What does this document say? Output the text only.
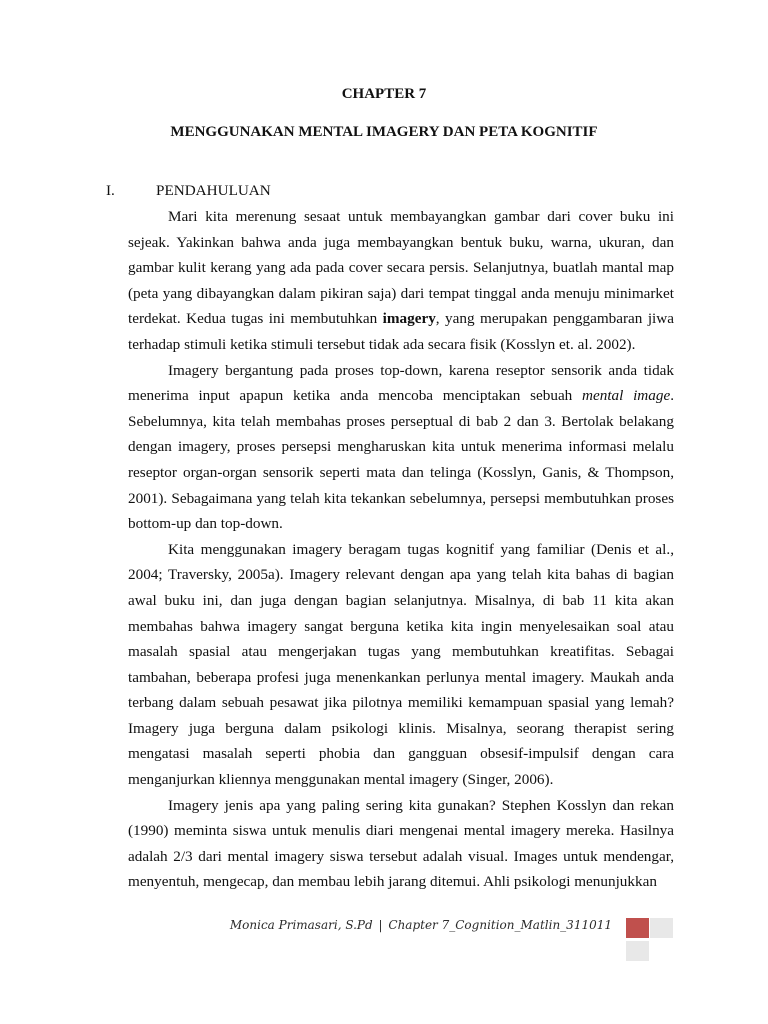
CHAPTER 7
MENGGUNAKAN MENTAL IMAGERY DAN PETA KOGNITIF
I.	PENDAHULUAN

Mari kita merenung sesaat untuk membayangkan gambar dari cover buku ini sejeak. Yakinkan bahwa anda juga membayangkan bentuk buku, warna, ukuran, dan gambar kulit kerang yang ada pada cover secara persis. Selanjutnya, buatlah mantal map (peta yang dibayangkan dalam pikiran saja) dari tempat tinggal anda menuju minimarket terdekat. Kedua tugas ini membutuhkan imagery, yang merupakan penggambaran jiwa terhadap stimuli ketika stimuli tersebut tidak ada secara fisik (Kosslyn et. al. 2002).

Imagery bergantung pada proses top-down, karena reseptor sensorik anda tidak menerima input apapun ketika anda mencoba menciptakan sebuah mental image. Sebelumnya, kita telah membahas proses perseptual di bab 2 dan 3. Bertolak belakang dengan imagery, proses persepsi mengharuskan kita untuk menerima informasi melalu reseptor organ-organ sensorik seperti mata dan telinga (Kosslyn, Ganis, & Thompson, 2001). Sebagaimana yang telah kita tekankan sebelumnya, persepsi membutuhkan proses bottom-up dan top-down.

Kita menggunakan imagery beragam tugas kognitif yang familiar (Denis et al., 2004; Traversky, 2005a). Imagery relevant dengan apa yang telah kita bahas di bagian awal buku ini, dan juga dengan bagian selanjutnya. Misalnya, di bab 11 kita akan membahas bahwa imagery sangat berguna ketika kita ingin menyelesaikan soal atau masalah spasial atau mengerjakan tugas yang membutuhkan kreatifitas. Sebagai tambahan, beberapa profesi juga menenkankan perlunya mental imagery. Maukah anda terbang dalam sebuah pesawat jika pilotnya memiliki kemampuan spasial yang lemah? Imagery juga berguna dalam psikologi klinis. Misalnya, seorang therapist sering mengatasi masalah seperti phobia dan gangguan obsesif-impulsif dengan cara menganjurkan kliennya menggunakan mental imagery (Singer, 2006).

Imagery jenis apa yang paling sering kita gunakan? Stephen Kosslyn dan rekan (1990) meminta siswa untuk menulis diari mengenai mental imagery mereka. Hasilnya adalah 2/3 dari mental imagery siswa tersebut adalah visual. Images untuk mendengar, menyentuh, mengecap, dan membau lebih jarang ditemui. Ahli psikologi menunjukkan

Monica Primasari, S.Pd | Chapter 7_Cognition_Matlin_311011
